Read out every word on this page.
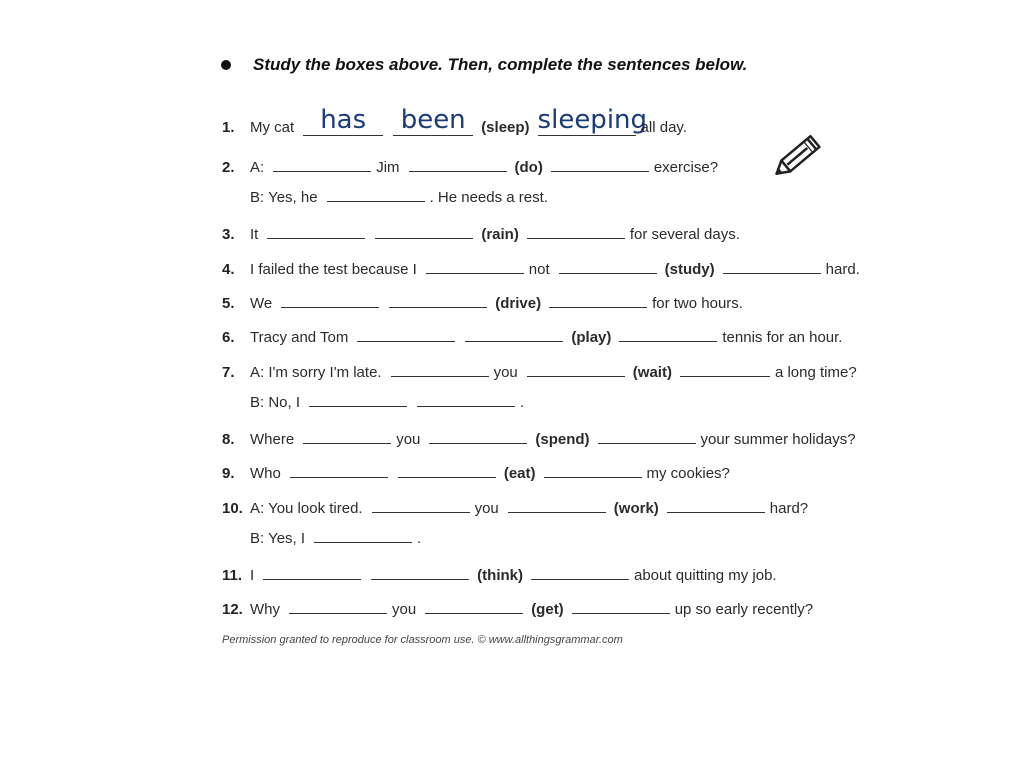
Study the boxes above. Then, complete the sentences below.
1.	My cat	has	been	(sleep) sleeping
all day.
2.	A:	Jim	(do)	exercise?
B: Yes, he	. He needs a rest.
3.	It	(rain)	for several days.
4.	I failed the test because I	not	(study)	hard.
5.	We	(drive)	for two hours.
6.	Tracy and Tom	(play)	tennis for an hour.
7.	A: I'm sorry I'm late.	you	(wait)	a long time?
B: No, I	.
8.	Where	you	(spend)	your summer holidays?
9.	Who	(eat)	my cookies?
10. A: You look tired.	you	(work)	hard?
B: Yes, I	.
11. I	(think)	about quitting my job.
12. Why	you	(get)	up so early recently?
Permission granted to reproduce for classroom use. © www.allthingsgrammar.com
